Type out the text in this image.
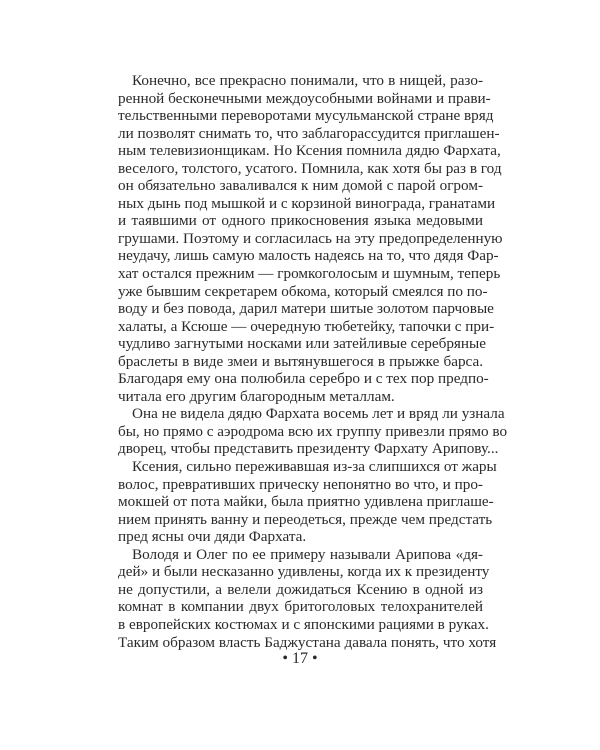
Конечно, все прекрасно понимали, что в нищей, разо-
ренной бесконечными междоусобными войнами и прави-
тельственными переворотами мусульманской стране вряд
ли позволят снимать то, что заблагорассудится приглашен-
ным телевизионщикам. Но Ксения помнила дядю Фархата,
веселого, толстого, усатого. Помнила, как хотя бы раз в год
он обязательно заваливался к ним домой с парой огром-
ных дынь под мышкой и с корзиной винограда, гранатами
и таявшими от одного прикосновения языка медовыми
грушами. Поэтому и согласилась на эту предопределенную
неудачу, лишь самую малость надеясь на то, что дядя Фар-
хат остался прежним — громкоголосым и шумным, теперь
уже бывшим секретарем обкома, который смеялся по по-
воду и без повода, дарил матери шитые золотом парчовые
халаты, а Ксюше — очередную тюбетейку, тапочки с при-
чудливо загнутыми носками или затейливые серебряные
браслеты в виде змеи и вытянувшегося в прыжке барса.
Благодаря ему она полюбила серебро и с тех пор предпо-
читала его другим благородным металлам.
Она не видела дядю Фархата восемь лет и вряд ли узнала
бы, но прямо с аэродрома всю их группу привезли прямо во
дворец, чтобы представить президенту Фархату Арипову...
Ксения, сильно переживавшая из-за слипшихся от жары
волос, превративших прическу непонятно во что, и про-
мокшей от пота майки, была приятно удивлена приглаше-
нием принять ванну и переодеться, прежде чем предстать
пред ясны очи дяди Фархата.
Володя и Олег по ее примеру называли Арипова «дя-
дей» и были несказанно удивлены, когда их к президенту
не допустили, а велели дожидаться Ксению в одной из
комнат в компании двух бритоголовых телохранителей
в европейских костюмах и с японскими рациями в руках.
Таким образом власть Баджустана давала понять, что хотя
• 17 •
